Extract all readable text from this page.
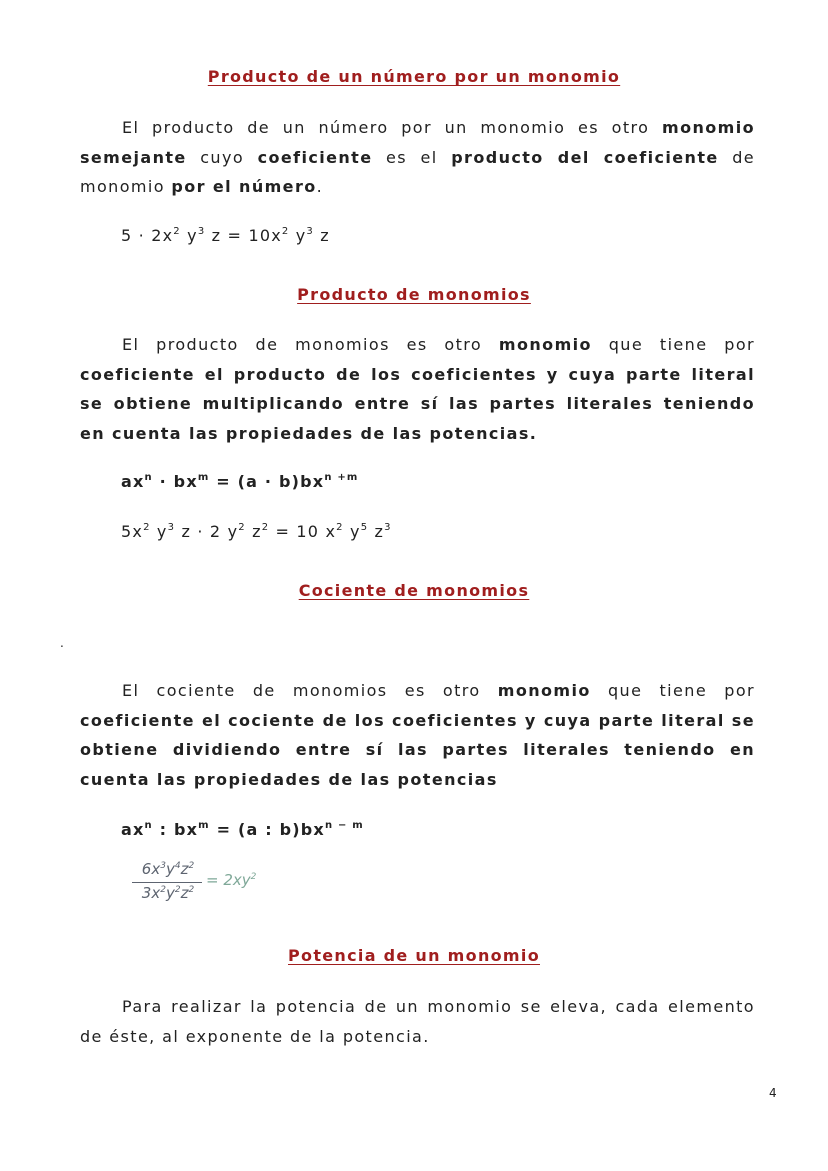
Producto de un número por un monomio

El producto de un número por un monomio es otro monomio semejante cuyo coeficiente es el producto del coeficiente de monomio por el número.

$5 \cdot 2x^2$ $y^3$ $z = 10x^2$ $y^3$ z
Producto de monomios

El producto de monomios es otro monomio que tiene por coeficiente el producto de los coeficientes y cuya parte literal se obtiene multiplicando entre sí las partes literales teniendo en cuenta las propiedades de las potencias.

$ax^n \cdot bx^m = (a \cdot b)bx^{n +m}$
$5x^2$ $y^3$ z · 2 $y^2$ $z^2 = 10$ $x^2$ $y^5$ $z^3$
Cociente de monomios
.

El cociente de monomios es otro monomio que tiene por coeficiente el cociente de los coeficientes y cuya parte literal se obtiene dividiendo entre sí las partes literales teniendo en cuenta las propiedades de las potencias

$ax^n$ : $bx^m = (a$ : $b)bx^{n - m}$
$6x^3y^4z^2$
$3x^2y^2z^2$
= $2xy^2$
Potencia de un monomio

Para realizar la potencia de un monomio se eleva, cada elemento de éste, al exponente de la potencia.

4
